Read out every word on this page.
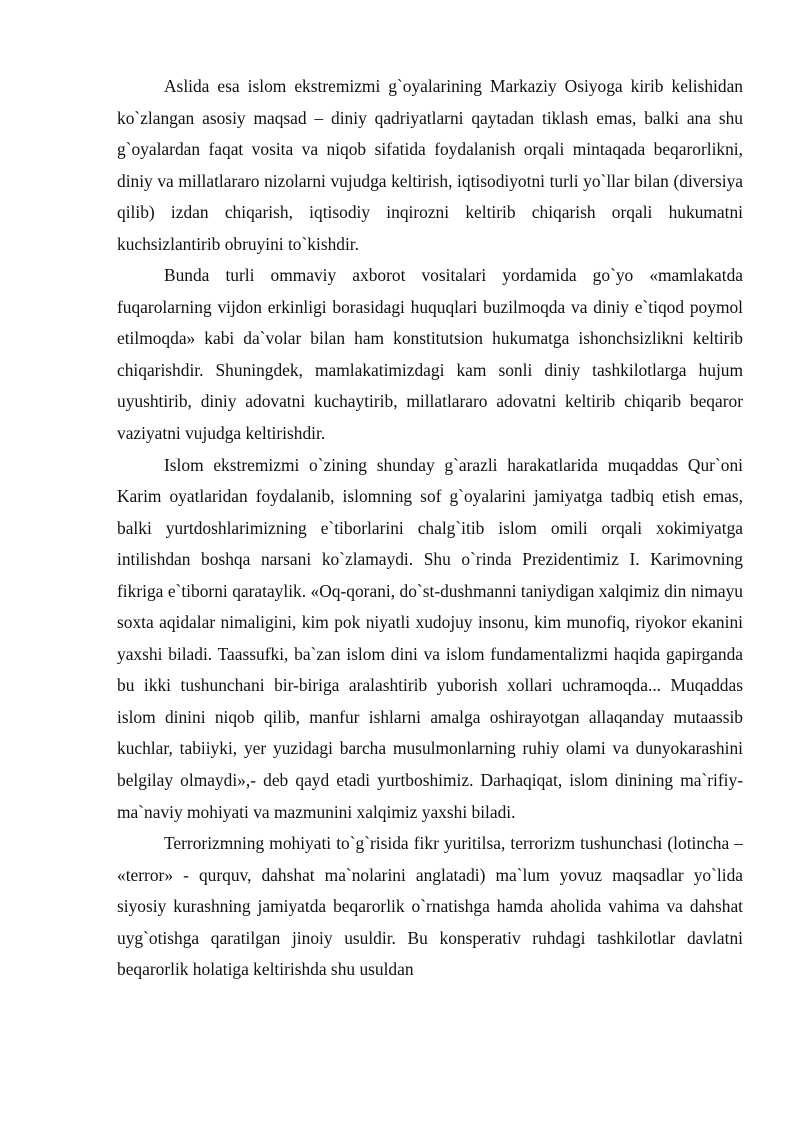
Aslida esa islom ekstremizmi g`oyalarining Markaziy Osiyoga kirib kelishidan ko`zlangan asosiy maqsad – diniy qadriyatlarni qaytadan tiklash emas, balki ana shu g`oyalardan faqat vosita va niqob sifatida foydalanish orqali mintaqada beqarorlikni, diniy va millatlararo nizolarni vujudga keltirish, iqtisodiyotni turli yo`llar bilan (diversiya qilib) izdan chiqarish, iqtisodiy inqirozni keltirib chiqarish orqali hukumatni kuchsizlantirib obruyini to`kishdir.

Bunda turli ommaviy axborot vositalari yordamida go`yo «mamlakatda fuqarolarning vijdon erkinligi borasidagi huquqlari buzilmoqda va diniy e`tiqod poymol etilmoqda» kabi da`volar bilan ham konstitutsion hukumatga ishonchsizlikni keltirib chiqarishdir. Shuningdek, mamlakatimizdagi kam sonli diniy tashkilotlarga hujum uyushtirib, diniy adovatni kuchaytirib, millatlararo adovatni keltirib chiqarib beqaror vaziyatni vujudga keltirishdir.

Islom ekstremizmi o`zining shunday g`arazli harakatlarida muqaddas Qur`oni Karim oyatlaridan foydalanib, islomning sof g`oyalarini jamiyatga tadbiq etish emas, balki yurtdoshlarimizning e`tiborlarini chalg`itib islom omili orqali xokimiyatga intilishdan boshqa narsani ko`zlamaydi. Shu o`rinda Prezidentimiz I. Karimovning fikriga e`tiborni qarataylik. «Oq-qorani, do`st-dushmanni taniydigan xalqimiz din nimayu soxta aqidalar nimaligini, kim pok niyatli xudojuy insonu, kim munofiq, riyokor ekanini yaxshi biladi. Taassufki, ba`zan islom dini va islom fundamentalizmi haqida gapirganda bu ikki tushunchani bir-biriga aralashtirib yuborish xollari uchramoqda... Muqaddas islom dinini niqob qilib, manfur ishlarni amalga oshirayotgan allaqanday mutaassib kuchlar, tabiiyki, yer yuzidagi barcha musulmonlarning ruhiy olami va dunyokarashini belgilay olmaydi»,- deb qayd etadi yurtboshimiz. Darhaqiqat, islom dinining ma`rifiy-ma`naviy mohiyati va mazmunini xalqimiz yaxshi biladi.

Terrorizmning mohiyati to`g`risida fikr yuritilsa, terrorizm tushunchasi (lotincha – «terror» - qurquv, dahshat ma`nolarini anglatadi) ma`lum yovuz maqsadlar yo`lida siyosiy kurashning jamiyatda beqarorlik o`rnatishga hamda aholida vahima va dahshat uyg`otishga qaratilgan jinoiy usuldir. Bu konsperativ ruhdagi tashkilotlar davlatni beqarorlik holatiga keltirishda shu usuldan
